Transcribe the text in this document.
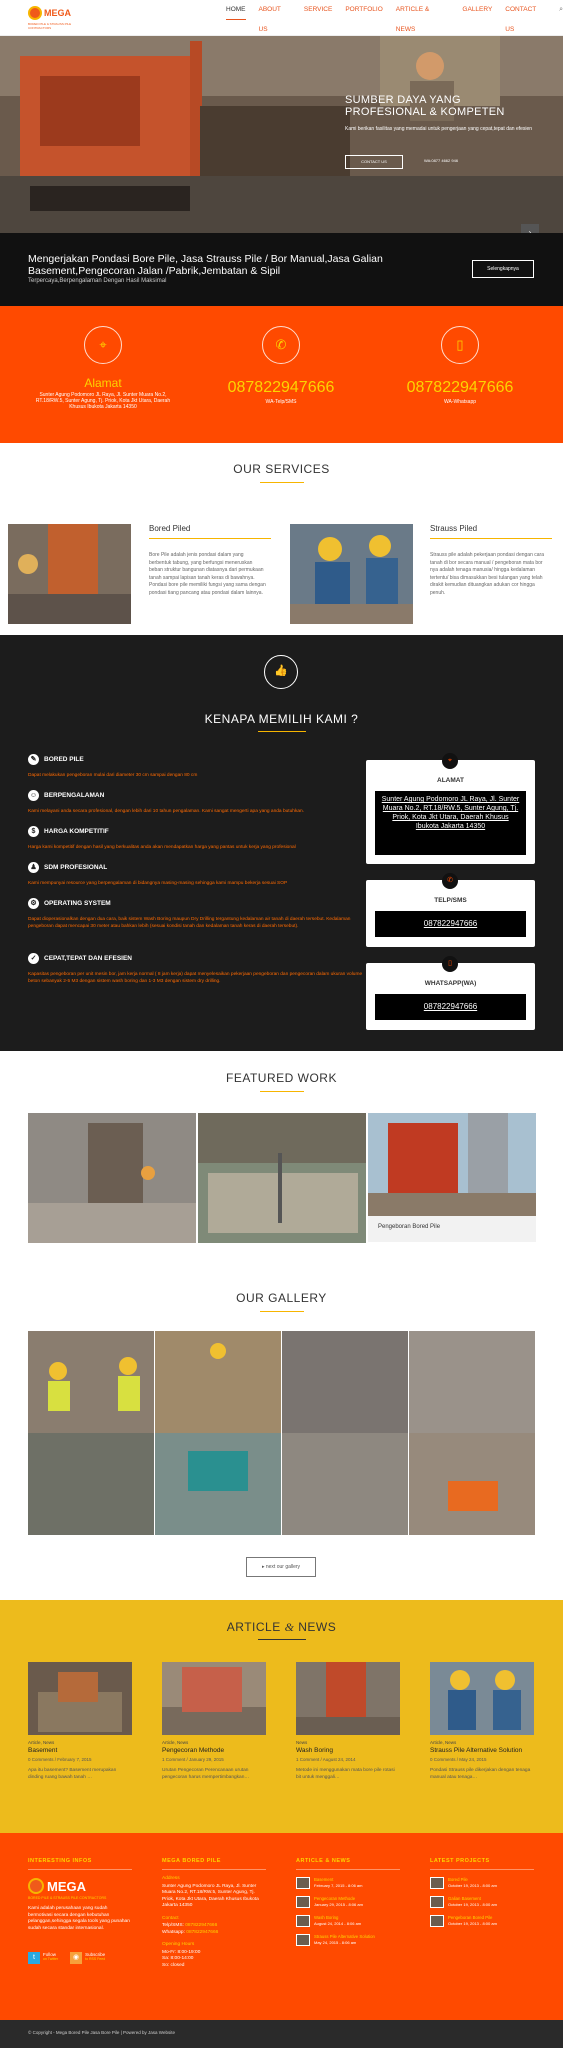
MEGA
BORED PILE & STRAUSS PILE CONTRACTORS
HOME ABOUT US
SERVICE PORTFOLIO ARTICLE & NEWS
GALLERY CONTACT US
⌕
SUMBER DAYA YANG PROFESIONAL & KOMPETEN
Kami berikan fasilitas yang memadai untuk pengerjaan yang cepat,tepat dan efesien
CONTACT US	WA:0877 4662 946
›
Mengerjakan Pondasi Bore Pile, Jasa Strauss Pile / Bor Manual,Jasa Galian Basement,Pengecoran Jalan /Pabrik,Jembatan & Sipil
Terpercaya,Berpengalaman Dengan Hasil Maksimal
Selengkapnya
⌖
Alamat
Sunter Agung Podomoro JL Raya, Jl. Sunter Muara No.2, RT.18/RW.5, Sunter Agung, Tj. Priok, Kota Jkt Utara, Daerah Khusus Ibukota Jakarta 14350
✆
087822947666
WA-Telp/SMS
▯
087822947666
WA-Whatsapp
OUR SERVICES
Bored Piled
Bore Pile adalah jenis pondasi dalam yang berbentuk tabung, yang berfungsi meneruskan beban struktur bangunan diatasnya dari permukaan tanah sampai lapisan tanah keras di bawahnya. Pondasi bore pile memiliki fungsi yang sama dengan pondasi tiang pancang atau pondasi dalam lainnya.
Strauss Piled
Strauss pile adalah pekerjaan pondasi dengan cara tanah di bor secara manual / pengeboran mata bor nya adalah tenaga manusia/ hingga kedalaman tertentu/ bisa dimasukkan besi tulangan yang telah dirakit kemudian dituangkan adukan cor hingga penuh.
👍
KENAPA MEMILIH KAMI ?
✎	BORED PILE
Dapat melakukan pengeboran mulai dari diameter 30 cm sampai dengan 80 cm
☺ BERPENGALAMAN
Kami melayani anda secara profesional, dengan lebih dari 10 tahun pengalaman. Kami sangat mengerti apa yang anda butuhkan.
$	HARGA KOMPETITIF
Harga kami kompetitif dengan hasil yang berkualitas anda akan mendapatkan harga yang pantas untuk kerja yang profesional
♟	SDM PROFESIONAL
Kami mempunyai resource yang berpengalaman di bidangnya masing-masing sehingga kami mampu bekerja sesuai SOP
⚙	OPERATING SYSTEM
Dapat dioperasionalkan dengan dua cara, baik sistem Wash Boring maupun Dry Drilling tergantung kedalaman air tanah di daerah tersebut. Kedalaman pengeboran dapat mencapai 30 meter atau bahkan lebih (sesuai kondisi tanah dan kedalaman tanah keras di daerah tersebut).
✓	CEPAT,TEPAT DAN EFESIEN
Kapasitas pengeboran per unit mesin bor, jam kerja normal ( 8 jam kerja) dapat menyelesaikan pekerjaan pengeboran dan pengecoran dalam ukuran volume beton sebanyak 2-5 M3 dengan sistem wash boring dan 1-3 M3 dengan sistem dry drilling.
⌖
ALAMAT
Sunter Agung Podomoro JL Raya, Jl. Sunter Muara No.2, RT.18/RW.5, Sunter Agung, Tj. Priok, Kota Jkt Utara, Daerah Khusus Ibukota Jakarta 14350
✆
TELP/SMS
087822947666
▯
WHATSAPP(WA)
087822947666
FEATURED WORK
Pengeboran Bored Pile
OUR GALLERY
▸ next our gallery
ARTICLE & NEWS
Article, News
Basement
0 Comments / February 7, 2015
Apa itu basement? Basement merupakan dinding ruang bawah tanah …
Article, News
Pengecoran Methode
1 Comment / January 29, 2015
Urutan Pengecoran Perencanaan urutan pengecoran harus mempertimbangkan…
News
Wash Boring
1 Comment / August 24, 2014
Metode ini menggunakan mata bore pile rotasi bit untuk menggali…
Article, News
Strauss Pile Alternative Solution
0 Comments / May 24, 2015
Pondasi Strauss pile dikerjakan dengan tenaga manual atau tenaga…
INTERESTING INFOS
MEGA
BORED PILE & STRAUSS PILE CONTRACTORS
Kami adalah perusahaan yang sudah bermotivasi secara dengan kebutuhan pelanggan,sehingga segala tools yang punahan sudah secara standar internasional.
t	Follow
on Twitter	◉	Subscribe
to RSS Feed
MEGA BORED PILE
Address
Sunter Agung Podomoro JL Raya, Jl. Sunter Muara No.2, RT.18/RW.5, Sunter Agung, Tj. Priok, Kota Jkt Utara, Daerah Khusus Ibukota Jakarta 14350
Contact
Telp/SMS: 087822947666
Whatsapp: 087822947666
Opening Hours
Mo-Fr: 8:00-19:00
Sa: 8:00-14:00
So: closed
ARTICLE & NEWS
Basement
February 7, 2015 - 8:06 am
Pengecoran Methode
January 29, 2015 - 8:06 am
Wash Boring
August 24, 2014 - 8:06 am
Strauss Pile Alternative Solution
May 24, 2015 - 8:06 am
LATEST PROJECTS
Bored Pile
October 19, 2013 - 8:00 am
Galian Basement
October 19, 2013 - 8:00 am
Pengeboran Bored Pile
October 19, 2013 - 8:00 am
© Copyright - Mega Bored Pile Jasa Bore Pile | Powered by Jasa Website
